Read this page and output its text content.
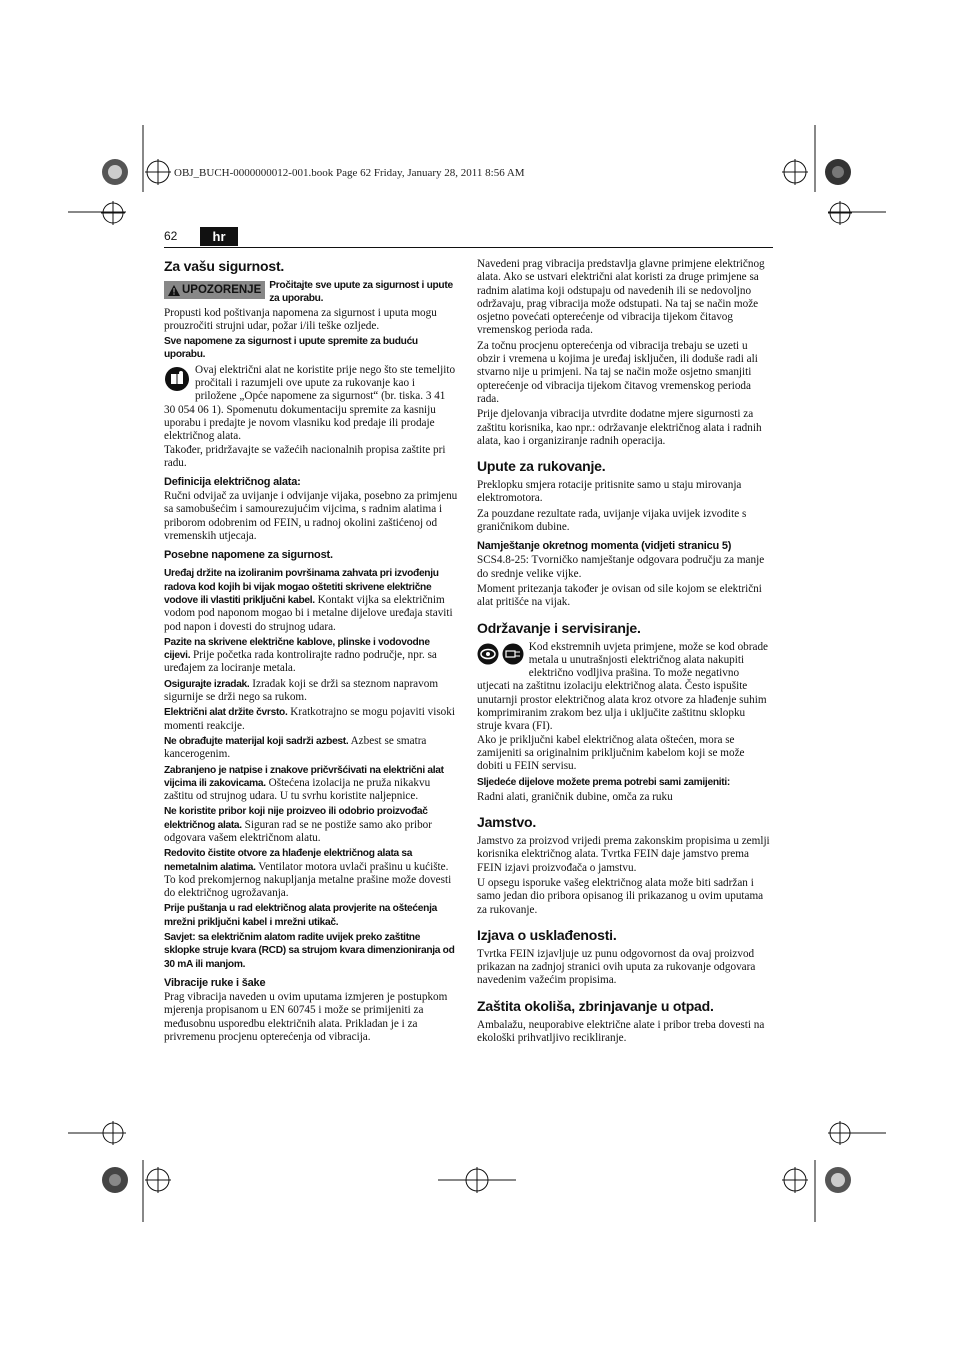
OBJ_BUCH-0000000012-001.book Page 62 Friday, January 28, 2011 8:56 AM
62	hr
Za vašu sigurnost.
UPOZORENJE Pročitajte sve upute za sigurnost i upute za uporabu.

Propusti kod poštivanja napomena za sigurnost i uputa mogu prouzročiti strujni udar, požar i/ili teške ozljede.

Sve napomene za sigurnost i upute spremite za buduću uporabu.

Ovaj električni alat ne koristite prije nego što ste temeljito pročitali i razumjeli ove upute za rukovanje kao i priložene „Opće napomene za sigurnost“ (br. tiska. 3 41 30 054 06 1). Spomenutu dokumentaciju spremite za kasniju uporabu i predajte je novom vlasniku kod predaje ili prodaje električnog alata.

Također, pridržavajte se važećih nacionalnih propisa zaštite pri radu.

Definicija električnog alata:

Ručni odvijač za uvijanje i odvijanje vijaka, posebno za primjenu sa samobušećim i samourezujućim vijcima, s radnim alatima i priborom odobrenim od FEIN, u radnoj okolini zaštićenoj od vremenskih utjecaja.

Posebne napomene za sigurnost.

Uređaj držite na izoliranim površinama zahvata pri izvođenju radova kod kojih bi vijak mogao oštetiti skrivene električne vodove ili vlastiti priključni kabel. Kontakt vijka sa električnim vodom pod naponom mogao bi i metalne dijelove uređaja staviti pod napon i dovesti do strujnog udara.

Pazite na skrivene električne kablove, plinske i vodovodne cijevi. Prije početka rada kontrolirajte radno područje, npr. sa uređajem za lociranje metala.

Osigurajte izradak. Izradak koji se drži sa steznom napravom sigurnije se drži nego sa rukom.

Električni alat držite čvrsto. Kratkotrajno se mogu pojaviti visoki momenti reakcije.

Ne obrađujte materijal koji sadrži azbest. Azbest se smatra kancerogenim.

Zabranjeno je natpise i znakove pričvršćivati na električni alat vijcima ili zakovicama. Oštećena izolacija ne pruža nikakvu zaštitu od strujnog udara. U tu svrhu koristite naljepnice.

Ne koristite pribor koji nije proizveo ili odobrio proizvođač električnog alata. Siguran rad se ne postiže samo ako pribor odgovara vašem električnom alatu.

Redovito čistite otvore za hlađenje električnog alata sa nemetalnim alatima. Ventilator motora uvlači prašinu u kućište. To kod prekomjernog nakupljanja metalne prašine može dovesti do električnog ugrožavanja.

Prije puštanja u rad električnog alata provjerite na oštećenja mrežni priključni kabel i mrežni utikač.

Savjet: sa električnim alatom radite uvijek preko zaštitne sklopke struje kvara (RCD) sa strujom kvara dimenzioniranja od 30 mA ili manjom.

Vibracije ruke i šake

Prag vibracija naveden u ovim uputama izmjeren je postupkom mjerenja propisanom u EN 60745 i može se primijeniti za međusobnu usporedbu električnih alata. Prikladan je i za privremenu procjenu opterećenja od vibracija.

Navedeni prag vibracija predstavlja glavne primjene električnog alata. Ako se ustvari električni alat koristi za druge primjene sa radnim alatima koji odstupaju od navedenih ili se nedovoljno održavaju, prag vibracija može odstupati. Na taj se način može osjetno povećati opterećenje od vibracija tijekom čitavog vremenskog perioda rada.

Za točnu procjenu opterećenja od vibracija trebaju se uzeti u obzir i vremena u kojima je uređaj isključen, ili doduše radi ali stvarno nije u primjeni. Na taj se način može osjetno smanjiti opterećenje od vibracija tijekom čitavog vremenskog perioda rada.

Prije djelovanja vibracija utvrdite dodatne mjere sigurnosti za zaštitu korisnika, kao npr.: održavanje električnog alata i radnih alata, kao i organiziranje radnih operacija.

Upute za rukovanje.

Preklopku smjera rotacije pritisnite samo u staju mirovanja elektromotora.

Za pouzdane rezultate rada, uvijanje vijaka uvijek izvodite s graničnikom dubine.

Namještanje okretnog momenta (vidjeti stranicu 5)

SCS4.8-25: Tvorničko namještanje odgovara području za manje do srednje velike vijke.

Moment pritezanja također je ovisan od sile kojom se električni alat pritišće na vijak.

Održavanje i servisiranje.

Kod ekstremnih uvjeta primjene, može se kod obrade metala u unutrašnjosti električnog alata nakupiti električno vodljiva prašina. To može negativno utjecati na zaštitnu izolaciju električnog alata. Često ispušite unutarnji prostor električnog alata kroz otvore za hlađenje suhim komprimiranim zrakom bez ulja i uključite zaštitnu sklopku struje kvara (FI).

Ako je priključni kabel električnog alata oštećen, mora se zamijeniti sa originalnim priključnim kabelom koji se može dobiti u FEIN servisu.

Sljedeće dijelove možete prema potrebi sami zamijeniti:

Radni alati, graničnik dubine, omča za ruku

Jamstvo.

Jamstvo za proizvod vrijedi prema zakonskim propisima u zemlji korisnika električnog alata. Tvrtka FEIN daje jamstvo prema FEIN izjavi proizvođača o jamstvu.

U opsegu isporuke vašeg električnog alata može biti sadržan i samo jedan dio pribora opisanog ili prikazanog u ovim uputama za rukovanje.

Izjava o usklađenosti.

Tvrtka FEIN izjavljuje uz punu odgovornost da ovaj proizvod prikazan na zadnjoj stranici ovih uputa za rukovanje odgovara navedenim važećim propisima.

Zaštita okoliša, zbrinjavanje u otpad.

Ambalažu, neuporabive električne alate i pribor treba dovesti na ekološki prihvatljivo recikliranje.
